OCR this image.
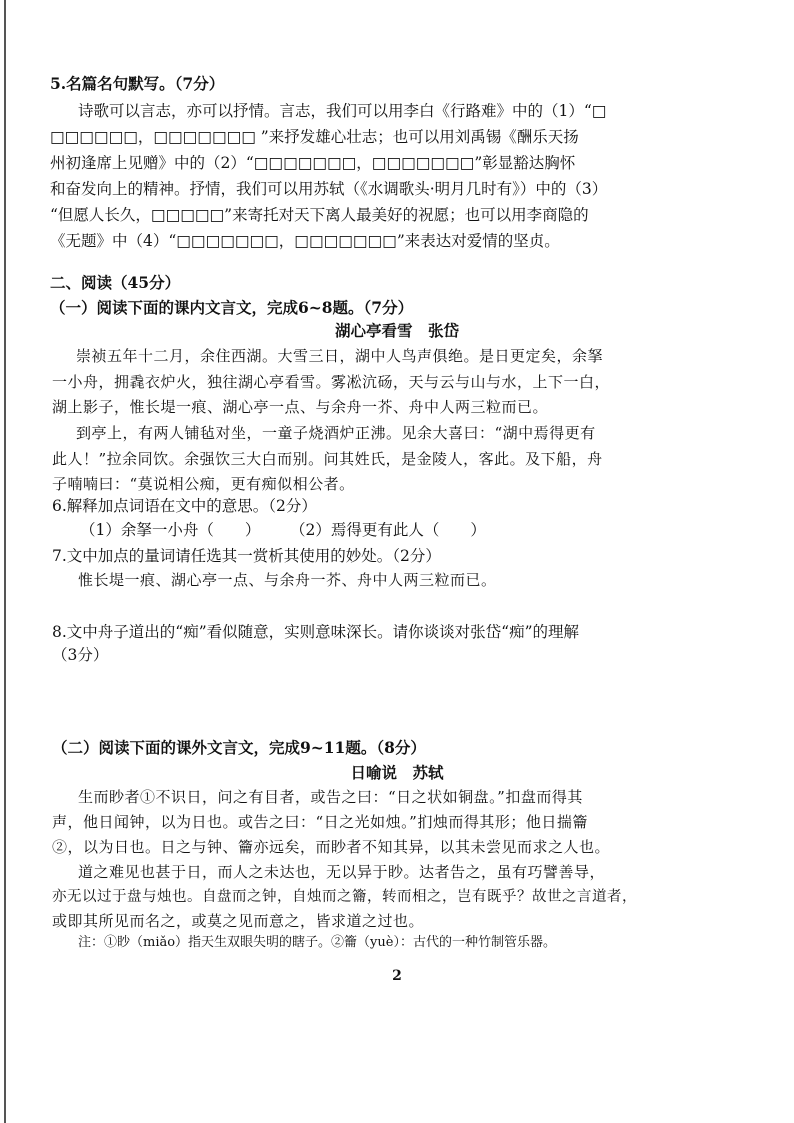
5.名篇名句默写。（7分）
诗歌可以言志，亦可以抒情。言志，我们可以用李白《行路难》中的（1）“□
□□□□□□，□□□□□□□ ”来抒发雄心壮志；也可以用刘禹锡《酬乐天扬
州初逢席上见赠》中的（2）“□□□□□□□，□□□□□□□”彰显豁达胸怀
和奋发向上的精神。抒情，我们可以用苏轼（《水调歌头·明月几时有》）中的（3）
“但愿人长久，□□□□□”来寄托对天下离人最美好的祝愿；也可以用李商隐的
《无题》中（4）“□□□□□□□，□□□□□□□”来表达对爱情的坚贞。
二、阅读（45分）
（一）阅读下面的课内文言文，完成6~8题。（7分）
湖心亭看雪　张岱
崇祯五年十二月，余住西湖。大雪三日，湖中人鸟声俱绝。是日更定矣，余拏
一小舟，拥毳衣炉火，独往湖心亭看雪。雾凇沆砀，天与云与山与水，上下一白，
湖上影子，惟长堤一痕、湖心亭一点、与余舟一芥、舟中人两三粒而已。
到亭上，有两人铺毡对坐，一童子烧酒炉正沸。见余大喜曰：“湖中焉得更有
此人！”拉余同饮。余强饮三大白而别。问其姓氏，是金陵人，客此。及下船，舟
子喃喃曰：“莫说相公痴，更有痴似相公者。
6.解释加点词语在文中的意思。（2分）
（1）余拏一小舟（　　） （2）焉得更有此人（　　）
7.文中加点的量词请任选其一赏析其使用的妙处。（2分）
惟长堤一痕、湖心亭一点、与余舟一芥、舟中人两三粒而已。
8.文中舟子道出的“痴”看似随意，实则意味深长。请你谈谈对张岱“痴”的理解
（3分）
（二）阅读下面的课外文言文，完成9~11题。（8分）
日喻说　苏轼
生而眇者①不识日，问之有目者，或告之曰：“日之状如铜盘。”扣盘而得其
声，他日闻钟，以为日也。或告之曰：“日之光如烛。”扪烛而得其形；他日揣籥
②，以为日也。日之与钟、籥亦远矣，而眇者不知其异，以其未尝见而求之人也。
道之难见也甚于日，而人之未达也，无以异于眇。达者告之，虽有巧譬善导，
亦无以过于盘与烛也。自盘而之钟，自烛而之籥，转而相之，岂有既乎？故世之言道者，
或即其所见而名之，或莫之见而意之，皆求道之过也。
注：①眇（miǎo）指天生双眼失明的瞎子。②籥（yuè）：古代的一种竹制管乐器。
2
